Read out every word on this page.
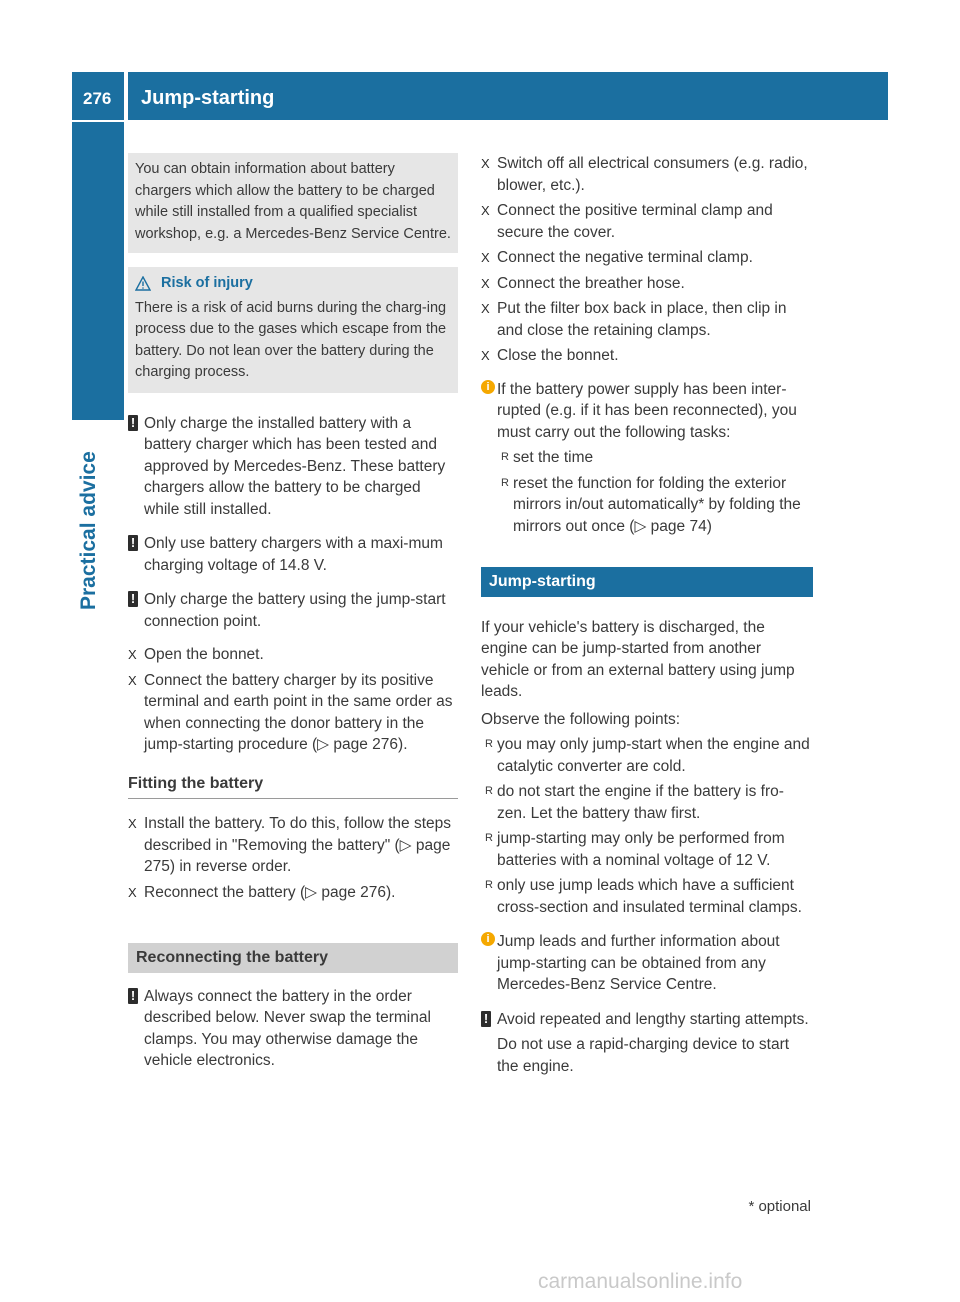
276	Jump-starting
Practical advice
You can obtain information about battery chargers which allow the battery to be charged while still installed from a qualified specialist workshop, e.g. a Mercedes-Benz Service Centre.
Risk of injury

There is a risk of acid burns during the charg-ing process due to the gases which escape from the battery. Do not lean over the battery during the charging process.

! Only charge the installed battery with a battery charger which has been tested and approved by Mercedes-Benz. These battery chargers allow the battery to be charged while still installed.
! Only use battery chargers with a maxi-mum charging voltage of 14.8 V.
! Only charge the battery using the jump-start connection point.
X Open the bonnet.
X Connect the battery charger by its positive terminal and earth point in the same order as when connecting the donor battery in the jump-starting procedure (▷ page 276).
Fitting the battery
X Install the battery. To do this, follow the steps described in "Removing the battery" (▷ page 275) in reverse order.
X Reconnect the battery (▷ page 276).
Reconnecting the battery
! Always connect the battery in the order described below. Never swap the terminal clamps. You may otherwise damage the vehicle electronics.
X Switch off all electrical consumers (e.g. radio, blower, etc.).
X Connect the positive terminal clamp and secure the cover.
X Connect the negative terminal clamp.
X Connect the breather hose.
X Put the filter box back in place, then clip in and close the retaining clamps.
X Close the bonnet.
i If the battery power supply has been inter-rupted (e.g. if it has been reconnected), you must carry out the following tasks:
R set the time
R reset the function for folding the exterior mirrors in/out automatically* by folding the mirrors out once (▷ page 74)
Jump-starting

If your vehicle's battery is discharged, the engine can be jump-started from another vehicle or from an external battery using jump leads.

Observe the following points:

R you may only jump-start when the engine and catalytic converter are cold.
R do not start the engine if the battery is fro-zen. Let the battery thaw first.
R jump-starting may only be performed from batteries with a nominal voltage of 12 V.
R only use jump leads which have a sufficient cross-section and insulated terminal clamps.
i Jump leads and further information about jump-starting can be obtained from any Mercedes-Benz Service Centre.
! Avoid repeated and lengthy starting attempts.

Do not use a rapid-charging device to start the engine.

* optional
carmanualsonline.info
